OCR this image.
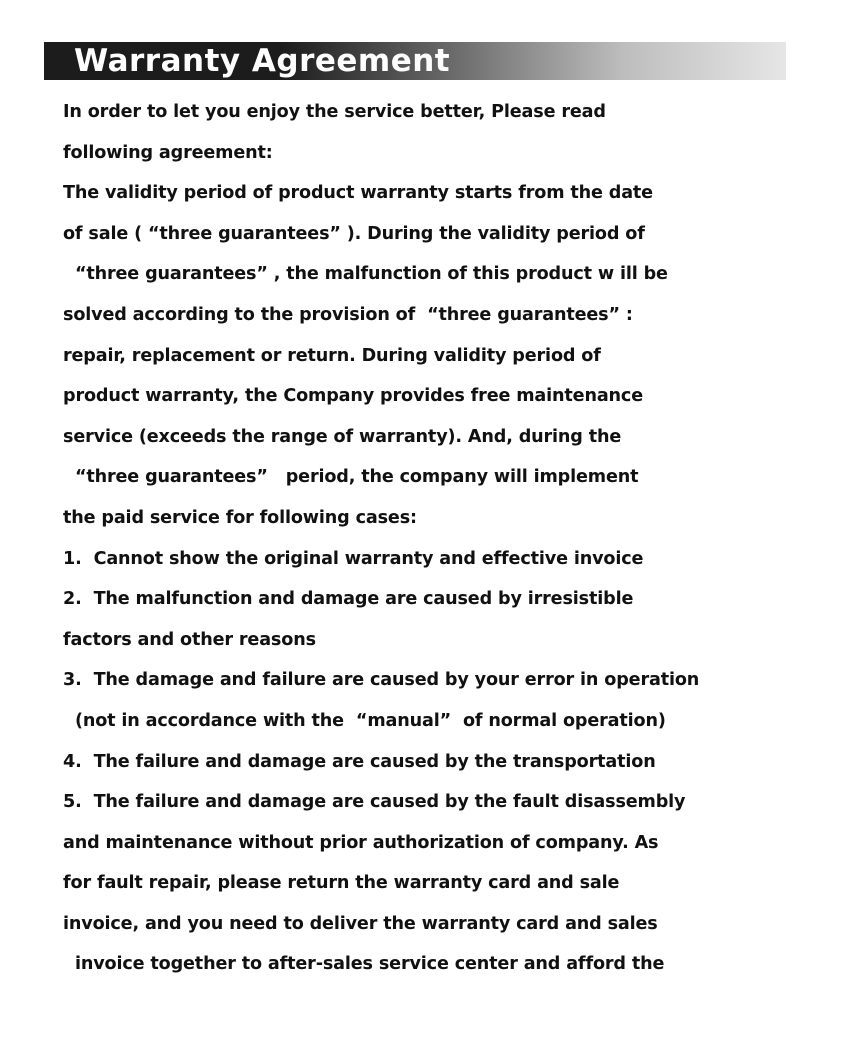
Warranty Agreement
In order to let you enjoy the service better, Please read
following agreement:
The validity period of product warranty starts from the date
of sale ( “three guarantees” ). During the validity period of
“three guarantees” , the malfunction of this product w ill be
solved according to the provision of  “three guarantees” :
repair, replacement or return. During validity period of
product warranty, the Company provides free maintenance
service (exceeds the range of warranty). And, during the
“three guarantees”   period, the company will implement
the paid service for following cases:
1.  Cannot show the original warranty and effective invoice
2.  The malfunction and damage are caused by irresistible
factors and other reasons
3.  The damage and failure are caused by your error in operation
(not in accordance with the  “manual”  of normal operation)
4.  The failure and damage are caused by the transportation
5.  The failure and damage are caused by the fault disassembly
and maintenance without prior authorization of company. As
for fault repair, please return the warranty card and sale
invoice, and you need to deliver the warranty card and sales
invoice together to after-sales service center and afford the
